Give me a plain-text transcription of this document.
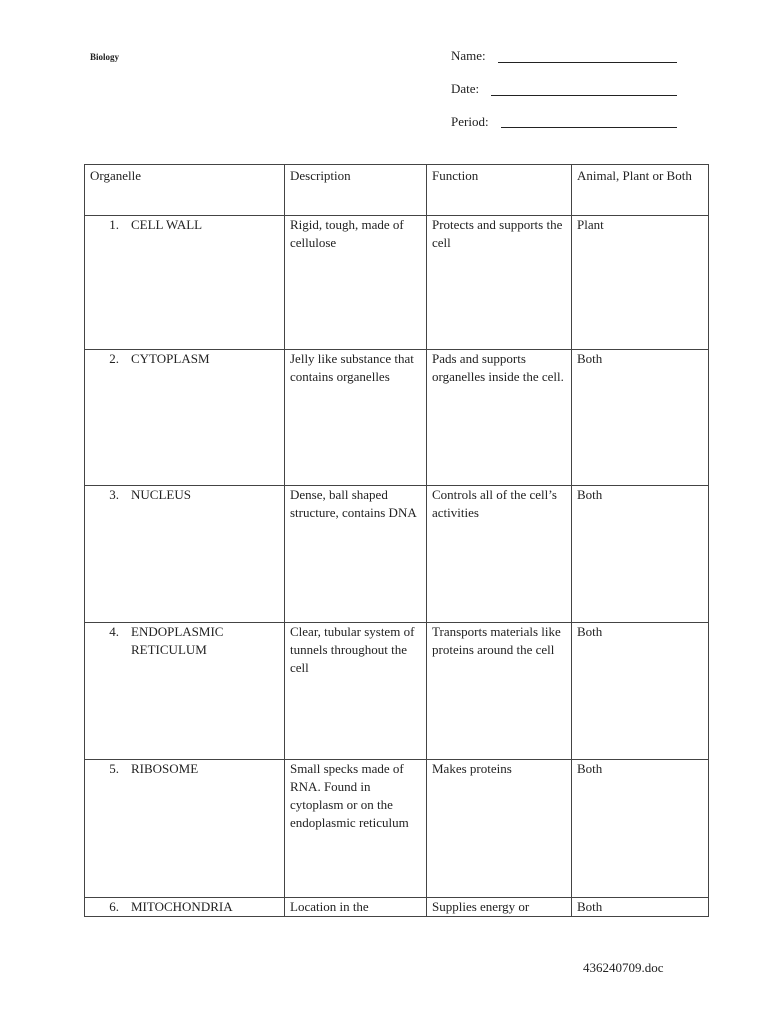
Biology	Name:
Date:
Period:
Organelle	Description	Function	Animal, Plant or Both
1. CELL WALL	Rigid, tough, made of cellulose	Protects and supports the cell	Plant
2. CYTOPLASM	Jelly like substance that contains organelles	Pads and supports organelles inside the cell.	Both
3. NUCLEUS	Dense, ball shaped structure, contains DNA	Controls all of the cell’s activities	Both
4. ENDOPLASMIC RETICULUM	Clear, tubular system of tunnels throughout the cell	Transports materials like proteins around the cell	Both
5. RIBOSOME	Small specks made of RNA. Found in cytoplasm or on the endoplasmic reticulum	Makes proteins	Both
6. MITOCHONDRIA	Location in the	Supplies energy or	Both
436240709.doc
